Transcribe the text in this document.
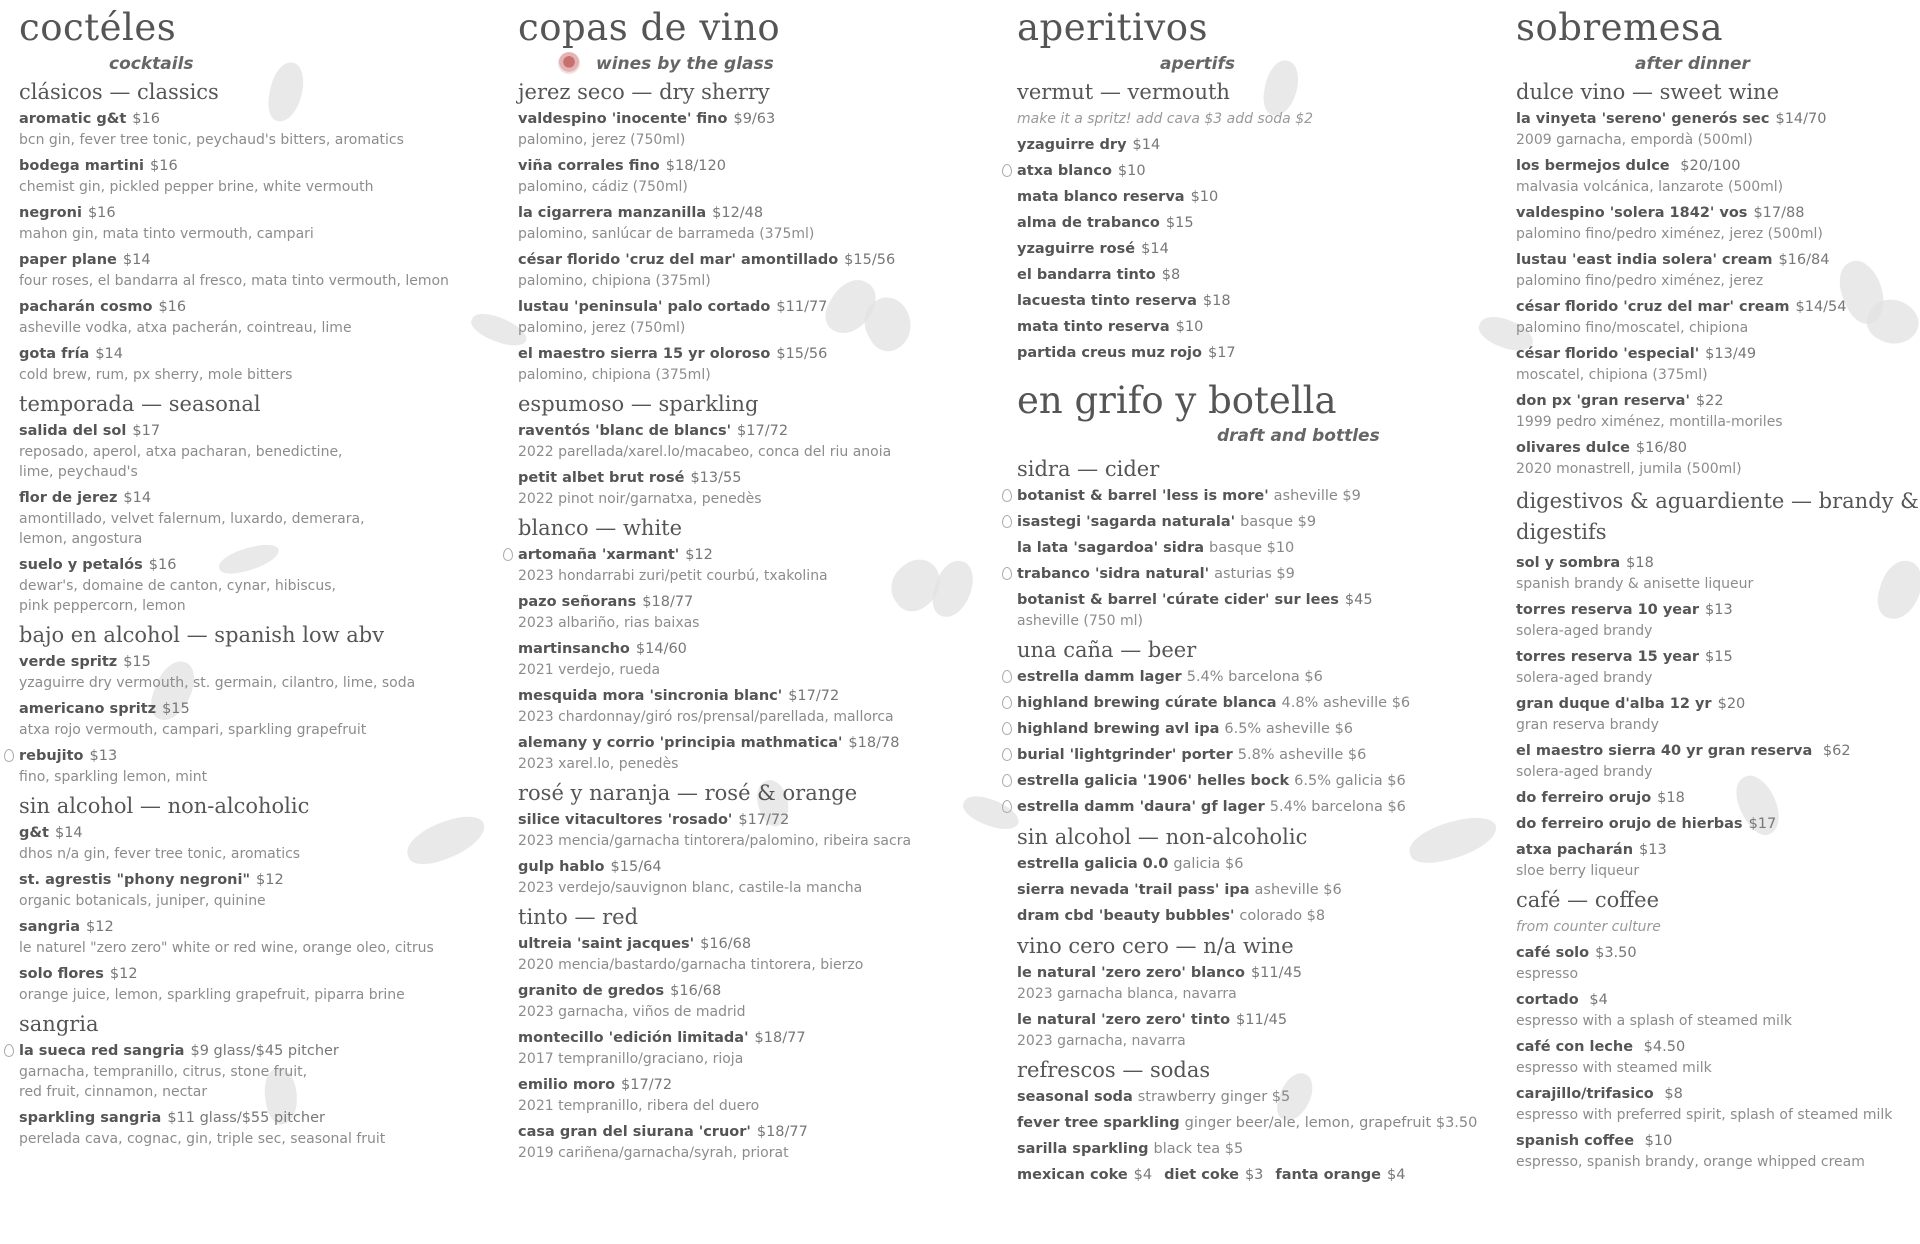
coctéles
cocktails
clásicos — classics
aromatic g&t $16
bcn gin, fever tree tonic, peychaud's bitters, aromatics
bodega martini $16
chemist gin, pickled pepper brine, white vermouth
negroni $16
mahon gin, mata tinto vermouth, campari
paper plane $14
four roses, el bandarra al fresco, mata tinto vermouth, lemon
pacharán cosmo $16
asheville vodka, atxa pacherán, cointreau, lime
gota fría $14
cold brew, rum, px sherry, mole bitters
temporada — seasonal
salida del sol $17
reposado, aperol, atxa pacharan, benedictine,
lime, peychaud's
flor de jerez $14
amontillado, velvet falernum, luxardo, demerara,
lemon, angostura
suelo y petalós $16
dewar's, domaine de canton, cynar, hibiscus,
pink peppercorn, lemon
bajo en alcohol — spanish low abv
verde spritz $15
yzaguirre dry vermouth, st. germain, cilantro, lime, soda
americano spritz $15
atxa rojo vermouth, campari, sparkling grapefruit
rebujito $13
fino, sparkling lemon, mint
sin alcohol — non-alcoholic
g&t $14
dhos n/a gin, fever tree tonic, aromatics
st. agrestis "phony negroni" $12
organic botanicals, juniper, quinine
sangria $12
le naturel "zero zero" white or red wine, orange oleo, citrus
solo flores $12
orange juice, lemon, sparkling grapefruit, piparra brine
sangria
la sueca red sangria $9 glass/$45 pitcher
garnacha, tempranillo, citrus, stone fruit,
red fruit, cinnamon, nectar
sparkling sangria $11 glass/$55 pitcher
perelada cava, cognac, gin, triple sec, seasonal fruit
copas de vino
wines by the glass
jerez seco — dry sherry
valdespino 'inocente' fino $9/63
palomino, jerez (750ml)
viña corrales fino $18/120
palomino, cádiz (750ml)
la cigarrera manzanilla $12/48
palomino, sanlúcar de barrameda (375ml)
césar florido 'cruz del mar' amontillado $15/56
palomino, chipiona (375ml)
lustau 'peninsula' palo cortado $11/77
palomino, jerez (750ml)
el maestro sierra 15 yr oloroso $15/56
palomino, chipiona (375ml)
espumoso — sparkling
raventós 'blanc de blancs' $17/72
2022 parellada/xarel.lo/macabeo, conca del riu anoia
petit albet brut rosé $13/55
2022 pinot noir/garnatxa, penedès
blanco — white
artomaña 'xarmant' $12
2023 hondarrabi zuri/petit courbú, txakolina
pazo señorans $18/77
2023 albariño, rias baixas
martinsancho $14/60
2021 verdejo, rueda
mesquida mora 'sincronia blanc' $17/72
2023 chardonnay/giró ros/prensal/parellada, mallorca
alemany y corrio 'principia mathmatica' $18/78
2023 xarel.lo, penedès
rosé y naranja — rosé & orange
silice vitacultores 'rosado' $17/72
2023 mencia/garnacha tintorera/palomino, ribeira sacra
gulp hablo $15/64
2023 verdejo/sauvignon blanc, castile-la mancha
tinto — red
ultreia 'saint jacques' $16/68
2020 mencia/bastardo/garnacha tintorera, bierzo
granito de gredos $16/68
2023 garnacha, viños de madrid
montecillo 'edición limitada' $18/77
2017 tempranillo/graciano, rioja
emilio moro $17/72
2021 tempranillo, ribera del duero
casa gran del siurana 'cruor' $18/77
2019 cariñena/garnacha/syrah, priorat
aperitivos
apertifs
vermut — vermouth
make it a spritz! add cava $3 add soda $2
yzaguirre dry $14
atxa blanco $10
mata blanco reserva $10
alma de trabanco $15
yzaguirre rosé $14
el bandarra tinto $8
lacuesta tinto reserva $18
mata tinto reserva $10
partida creus muz rojo $17
en grifo y botella
draft and bottles
sidra — cider
botanist & barrel 'less is more' asheville $9
isastegi 'sagarda naturala' basque $9
la lata 'sagardoa' sidra basque $10
trabanco 'sidra natural' asturias $9
botanist & barrel 'cúrate cider' sur lees $45
asheville (750 ml)
una caña — beer
estrella damm lager 5.4% barcelona $6
highland brewing cúrate blanca 4.8% asheville $6
highland brewing avl ipa 6.5% asheville $6
burial 'lightgrinder' porter 5.8% asheville $6
estrella galicia '1906' helles bock 6.5% galicia $6
estrella damm 'daura' gf lager 5.4% barcelona $6
sin alcohol — non-alcoholic
estrella galicia 0.0 galicia $6
sierra nevada 'trail pass' ipa asheville $6
dram cbd 'beauty bubbles' colorado $8
vino cero cero — n/a wine
le natural 'zero zero' blanco $11/45
2023 garnacha blanca, navarra
le natural 'zero zero' tinto $11/45
2023 garnacha, navarra
refrescos — sodas
seasonal soda strawberry ginger $5
fever tree sparkling ginger beer/ale, lemon, grapefruit $3.50
sarilla sparkling black tea $5
mexican coke $4 diet coke $3 fanta orange $4
sobremesa
after dinner
dulce vino — sweet wine
la vinyeta 'sereno' generós sec $14/70
2009 garnacha, empordà (500ml)
los bermejos dulce $20/100
malvasia volcánica, lanzarote (500ml)
valdespino 'solera 1842' vos $17/88
palomino fino/pedro ximénez, jerez (500ml)
lustau 'east india solera' cream $16/84
palomino fino/pedro ximénez, jerez
césar florido 'cruz del mar' cream $14/54
palomino fino/moscatel, chipiona
césar florido 'especial' $13/49
moscatel, chipiona (375ml)
don px 'gran reserva' $22
1999 pedro ximénez, montilla-moriles
olivares dulce $16/80
2020 monastrell, jumila (500ml)
digestivos & aguardiente — brandy & digestifs
sol y sombra $18
spanish brandy & anisette liqueur
torres reserva 10 year $13
solera-aged brandy
torres reserva 15 year $15
solera-aged brandy
gran duque d'alba 12 yr $20
gran reserva brandy
el maestro sierra 40 yr gran reserva $62
solera-aged brandy
do ferreiro orujo $18
do ferreiro orujo de hierbas $17
atxa pacharán $13
sloe berry liqueur
café — coffee
from counter culture
café solo $3.50
espresso
cortado $4
espresso with a splash of steamed milk
café con leche $4.50
espresso with steamed milk
carajillo/trifasico $8
espresso with preferred spirit, splash of steamed milk
spanish coffee $10
espresso, spanish brandy, orange whipped cream
